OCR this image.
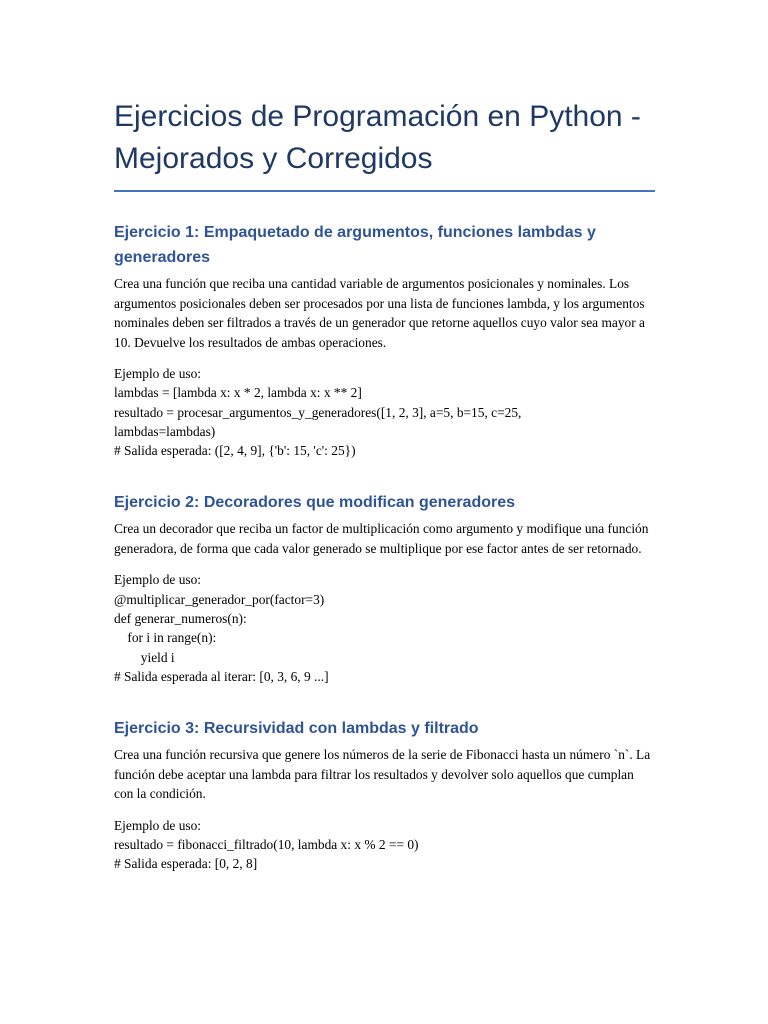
Ejercicios de Programación en Python - Mejorados y Corregidos
Ejercicio 1: Empaquetado de argumentos, funciones lambdas y generadores

Crea una función que reciba una cantidad variable de argumentos posicionales y nominales. Los argumentos posicionales deben ser procesados por una lista de funciones lambda, y los argumentos nominales deben ser filtrados a través de un generador que retorne aquellos cuyo valor sea mayor a 10. Devuelve los resultados de ambas operaciones.

Ejemplo de uso:
lambdas = [lambda x: x * 2, lambda x: x ** 2]
resultado = procesar_argumentos_y_generadores([1, 2, 3], a=5, b=15, c=25,
lambdas=lambdas)
# Salida esperada: ([2, 4, 9], {'b': 15, 'c': 25})
Ejercicio 2: Decoradores que modifican generadores

Crea un decorador que reciba un factor de multiplicación como argumento y modifique una función generadora, de forma que cada valor generado se multiplique por ese factor antes de ser retornado.

Ejemplo de uso:
@multiplicar_generador_por(factor=3)
def generar_numeros(n):
for i in range(n):
yield i
# Salida esperada al iterar: [0, 3, 6, 9 ...]
Ejercicio 3: Recursividad con lambdas y filtrado

Crea una función recursiva que genere los números de la serie de Fibonacci hasta un número `n`. La función debe aceptar una lambda para filtrar los resultados y devolver solo aquellos que cumplan con la condición.

Ejemplo de uso:
resultado = fibonacci_filtrado(10, lambda x: x % 2 == 0)
# Salida esperada: [0, 2, 8]
